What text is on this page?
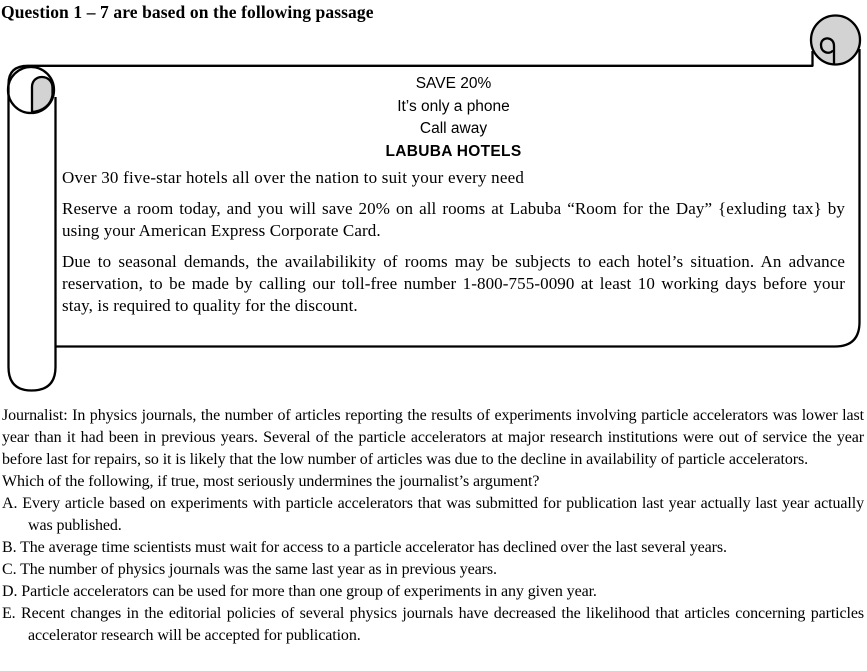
Question 1 – 7 are based on the following passage
SAVE 20%
It’s only a phone
Call away
LABUBA HOTELS

Over 30 five-star hotels all over the nation to suit your every need

Reserve a room today, and you will save 20% on all rooms at Labuba “Room for the Day” {exluding tax} by using your American Express Corporate Card.

Due to seasonal demands, the availabilikity of rooms may be subjects to each hotel’s situation. An advance reservation, to be made by calling our toll-free number 1-800-755-0090 at least 10 working days before your stay, is required to quality for the discount.

Journalist: In physics journals, the number of articles reporting the results of experiments involving particle accelerators was lower last year than it had been in previous years. Several of the particle accelerators at major research institutions were out of service the year before last for repairs, so it is likely that the low number of articles was due to the decline in availability of particle accelerators.

Which of the following, if true, most seriously undermines the journalist’s argument?

A. Every article based on experiments with particle accelerators that was submitted for publication last year actually last year actually was published.

B. The average time scientists must wait for access to a particle accelerator has declined over the last several years.

C. The number of physics journals was the same last year as in previous years.

D. Particle accelerators can be used for more than one group of experiments in any given year.

E. Recent changes in the editorial policies of several physics journals have decreased the likelihood that articles concerning particles accelerator research will be accepted for publication.
